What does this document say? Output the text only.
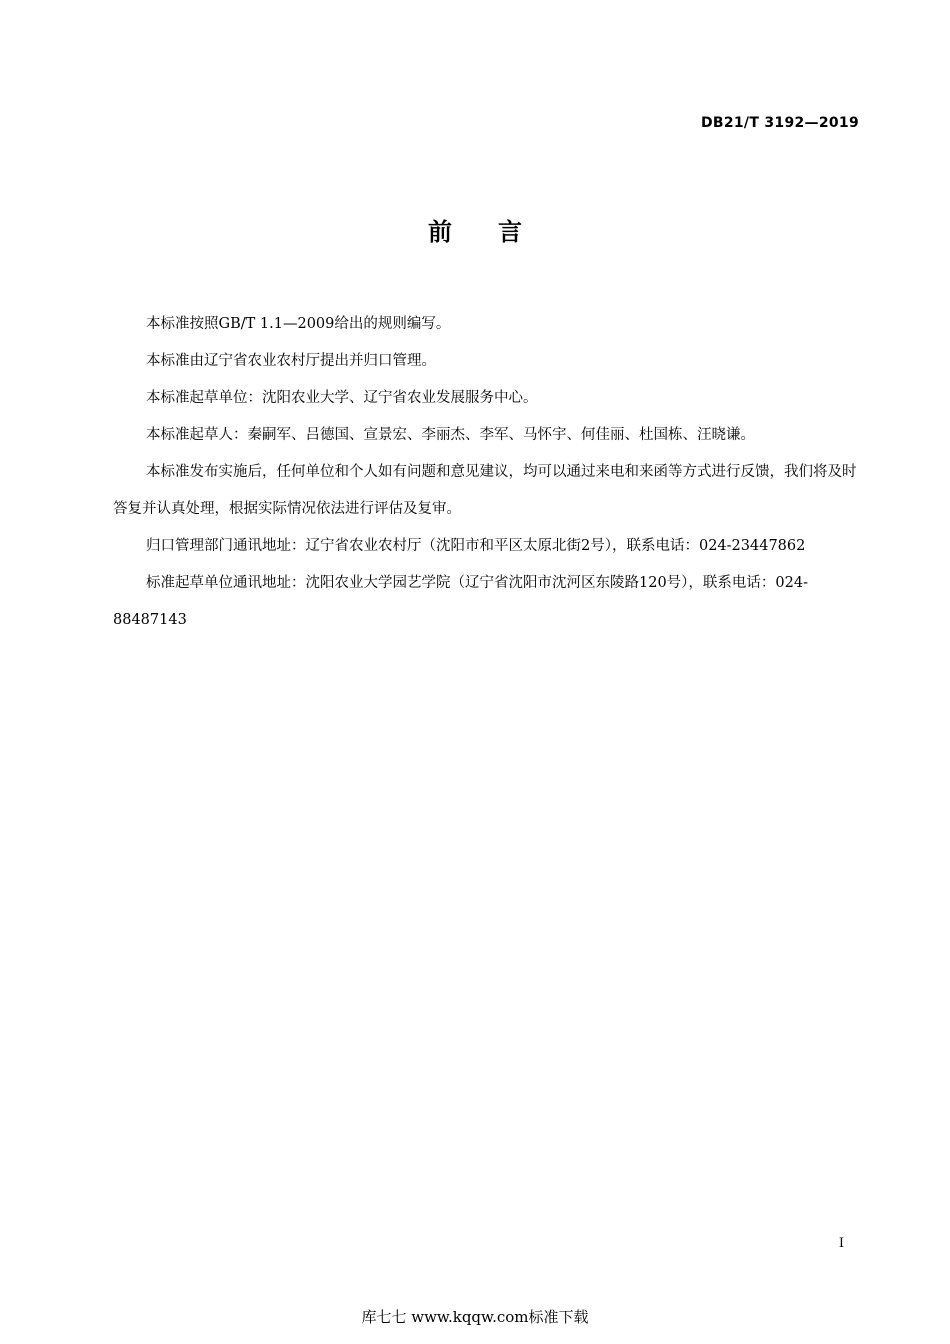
DB21/T 3192—2019
前言

本标准按照GB/T 1.1—2009给出的规则编写。

本标准由辽宁省农业农村厅提出并归口管理。

本标准起草单位：沈阳农业大学、辽宁省农业发展服务中心。

本标准起草人：秦嗣军、吕德国、宣景宏、李丽杰、李军、马怀宇、何佳丽、杜国栋、汪晓谦。

本标准发布实施后，任何单位和个人如有问题和意见建议，均可以通过来电和来函等方式进行反馈，我们将及时答复并认真处理，根据实际情况依法进行评估及复审。

归口管理部门通讯地址：辽宁省农业农村厅（沈阳市和平区太原北街2号），联系电话：024-23447862

标准起草单位通讯地址：沈阳农业大学园艺学院（辽宁省沈阳市沈河区东陵路120号），联系电话：024-88487143

I
库七七 www.kqqw.com标准下载
